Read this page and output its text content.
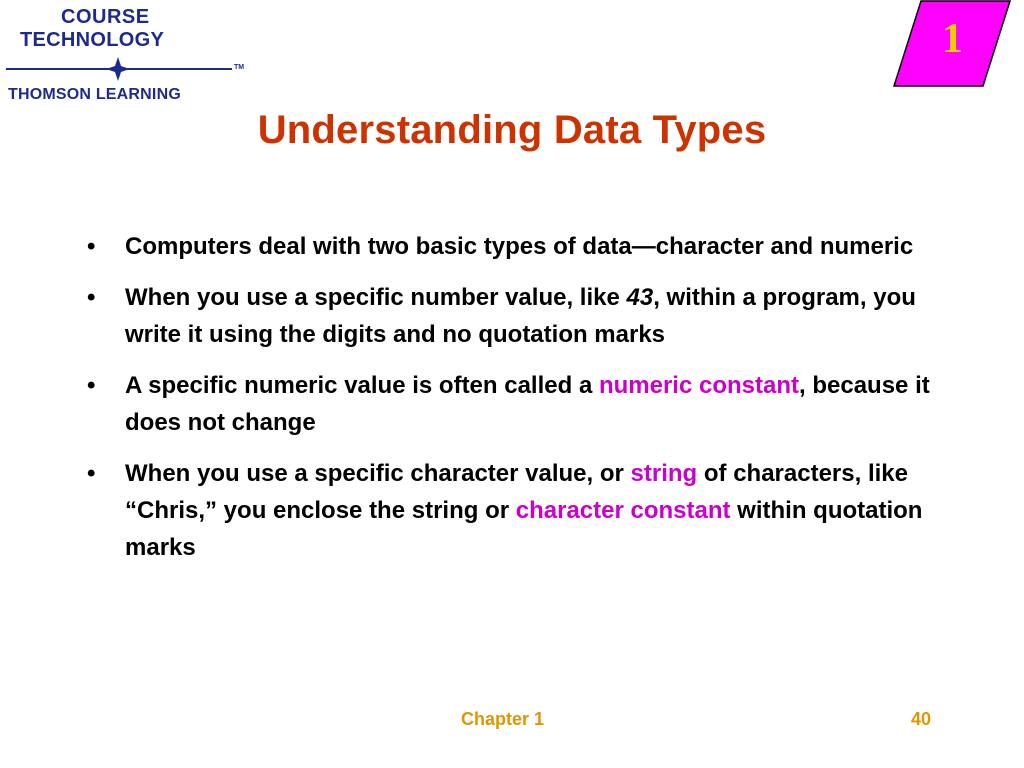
COURSE
TECHNOLOGY
TM
THOMSON LEARNING
1
Understanding Data Types
• Computers deal with two basic types of data—character and numeric
• When you use a specific number value, like 43, within a program, you write it using the digits and no quotation marks
• A specific numeric value is often called a numeric constant, because it does not change
• When you use a specific character value, or string of characters, like “Chris,” you enclose the string or character constant within quotation marks
Chapter 1	40
